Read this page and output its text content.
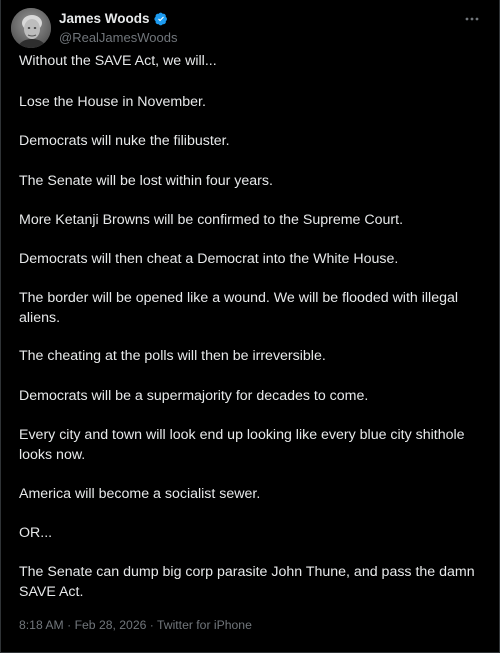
James Woods
@RealJamesWoods

Without the SAVE Act, we will...

Lose the House in November.

Democrats will nuke the filibuster.

The Senate will be lost within four years.

More Ketanji Browns will be confirmed to the Supreme Court.

Democrats will then cheat a Democrat into the White House.

The border will be opened like a wound. We will be flooded with illegal aliens.

The cheating at the polls will then be irreversible.

Democrats will be a supermajority for decades to come.

Every city and town will look end up looking like every blue city shithole looks now.

America will become a socialist sewer.

OR...

The Senate can dump big corp parasite John Thune, and pass the damn SAVE Act.

8:18 AM · Feb 28, 2026 · Twitter for iPhone
